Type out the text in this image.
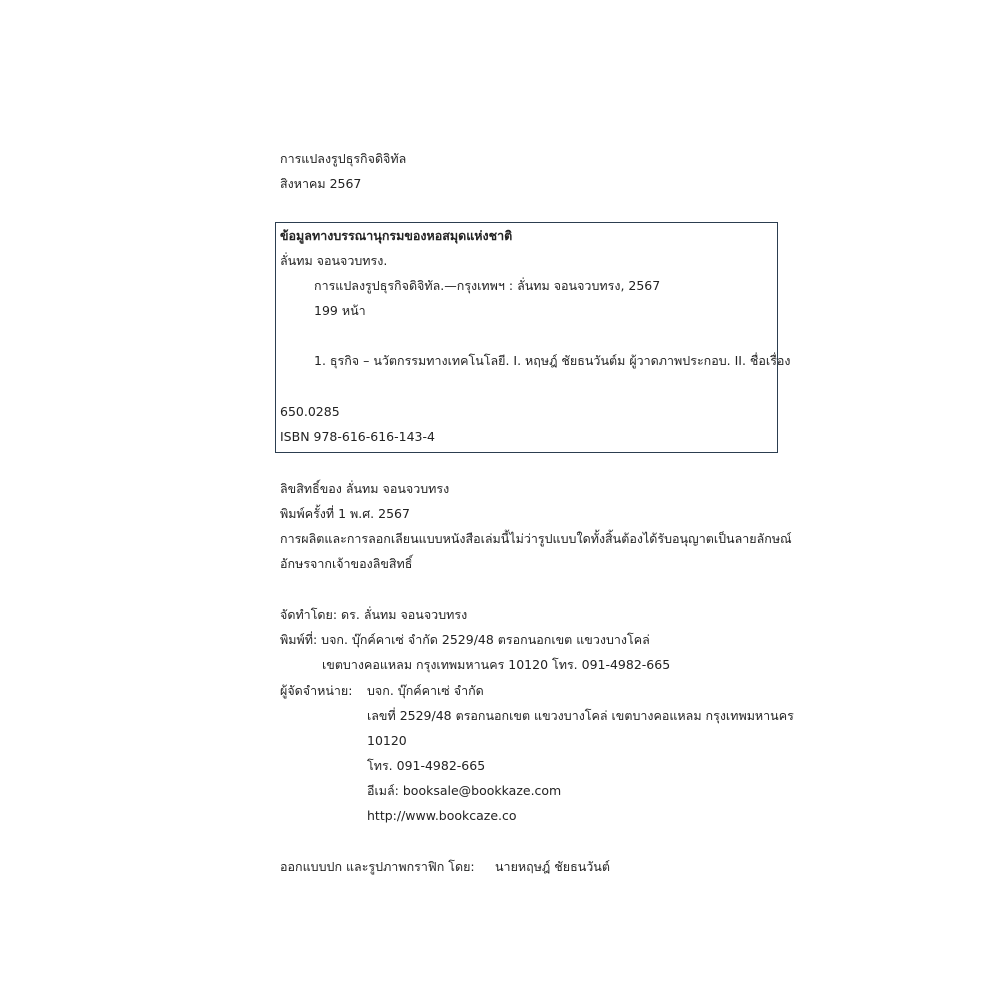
การแปลงรูปธุรกิจดิจิทัล
สิงหาคม 2567
ข้อมูลทางบรรณานุกรมของหอสมุดแห่งชาติ
ลั่นทม จอนจวบทรง.
การแปลงรูปธุรกิจดิจิทัล.—กรุงเทพฯ : ลั่นทม จอนจวบทรง, 2567
199 หน้า
1. ธุรกิจ – นวัตกรรมทางเทคโนโลยี. I. หฤษฎ์ ชัยธนวันต์ม ผู้วาดภาพประกอบ. II. ชื่อเรื่อง
650.0285
ISBN 978-616-616-143-4
ลิขสิทธิ์ของ ลั่นทม จอนจวบทรง
พิมพ์ครั้งที่ 1 พ.ศ. 2567
การผลิตและการลอกเลียนแบบหนังสือเล่มนี้ไม่ว่ารูปแบบใดทั้งสิ้นต้องได้รับอนุญาตเป็นลายลักษณ์
อักษรจากเจ้าของลิขสิทธิ์
จัดทำโดย: ดร. ลั่นทม จอนจวบทรง
พิมพ์ที่: บจก. บุ๊กค์คาเซ่ จำกัด 2529/48 ตรอกนอกเขต แขวงบางโคล่
เขตบางคอแหลม กรุงเทพมหานคร 10120 โทร. 091-4982-665
ผู้จัดจำหน่าย: บจก. บุ๊กค์คาเซ่ จำกัด
เลขที่ 2529/48 ตรอกนอกเขต แขวงบางโคล่ เขตบางคอแหลม กรุงเทพมหานคร
10120
โทร. 091-4982-665
อีเมล์: booksale@bookkaze.com
http://www.bookcaze.co
ออกแบบปก และรูปภาพกราฟิก โดย: นายหฤษฎ์ ชัยธนวันต์
